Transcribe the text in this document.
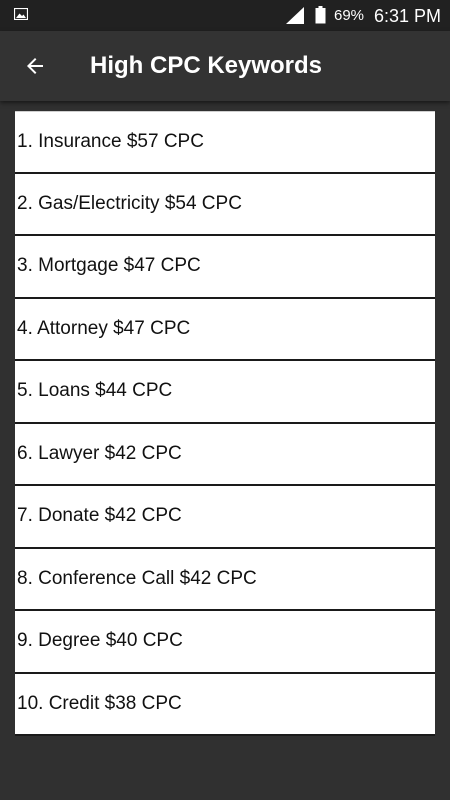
69% 6:31 PM
High CPC Keywords
1. Insurance $57 CPC
2. Gas/Electricity $54 CPC
3. Mortgage $47 CPC
4. Attorney $47 CPC
5. Loans $44 CPC
6. Lawyer $42 CPC
7. Donate $42 CPC
8. Conference Call $42 CPC
9. Degree $40 CPC
10. Credit $38 CPC
